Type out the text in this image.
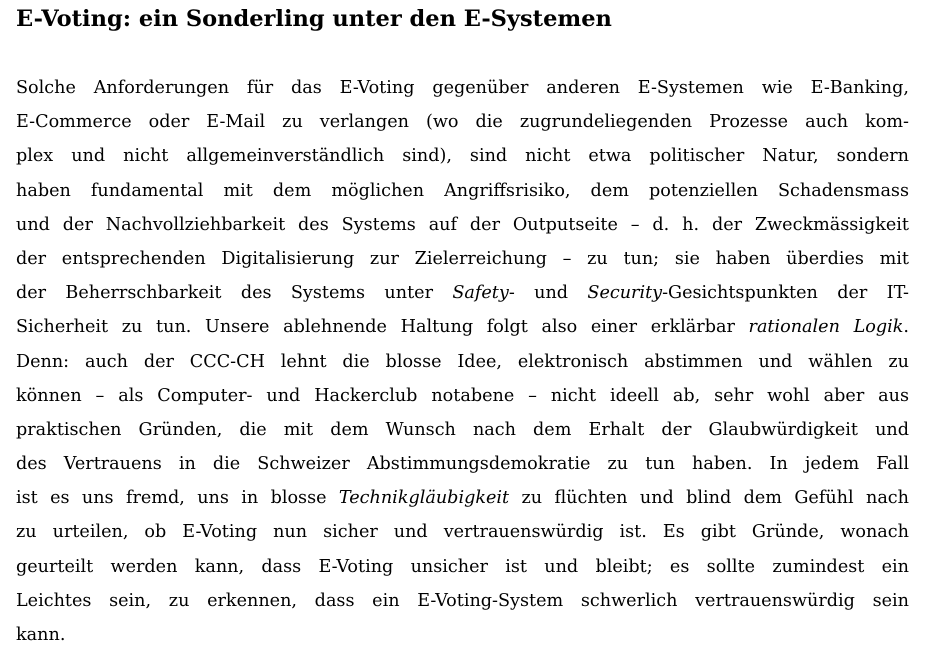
E-Voting: ein Sonderling unter den E-Systemen
Solche Anforderungen für das E-Voting gegenüber anderen E-Systemen wie E-Banking,
E-Commerce oder E-Mail zu verlangen (wo die zugrundeliegenden Prozesse auch kom-
plex und nicht allgemeinverständlich sind), sind nicht etwa politischer Natur, sondern
haben fundamental mit dem möglichen Angriffsrisiko, dem potenziellen Schadensmass
und der Nachvollziehbarkeit des Systems auf der Outputseite – d. h. der Zweckmässigkeit
der entsprechenden Digitalisierung zur Zielerreichung – zu tun; sie haben überdies mit
der Beherrschbarkeit des Systems unter Safety- und Security-Gesichtspunkten der IT-
Sicherheit zu tun. Unsere ablehnende Haltung folgt also einer erklärbar rationalen Logik.
Denn: auch der CCC-CH lehnt die blosse Idee, elektronisch abstimmen und wählen zu
können – als Computer- und Hackerclub notabene – nicht ideell ab, sehr wohl aber aus
praktischen Gründen, die mit dem Wunsch nach dem Erhalt der Glaubwürdigkeit und
des Vertrauens in die Schweizer Abstimmungsdemokratie zu tun haben. In jedem Fall
ist es uns fremd, uns in blosse Technikgläubigkeit zu flüchten und blind dem Gefühl nach
zu urteilen, ob E-Voting nun sicher und vertrauenswürdig ist. Es gibt Gründe, wonach
geurteilt werden kann, dass E-Voting unsicher ist und bleibt; es sollte zumindest ein
Leichtes sein, zu erkennen, dass ein E-Voting-System schwerlich vertrauenswürdig sein
kann.
